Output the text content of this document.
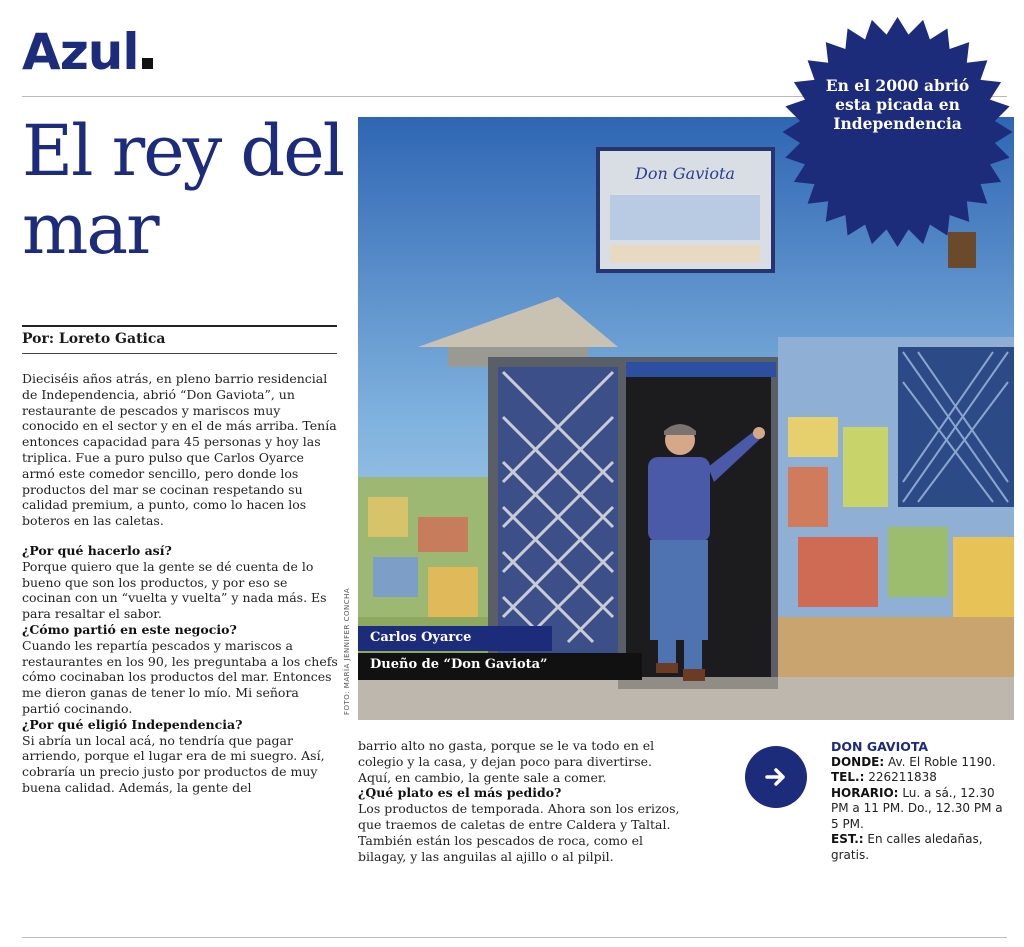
Azul
El rey del mar
Por: Loreto Gatica

Dieciséis años atrás, en pleno barrio residencial de Independencia, abrió “Don Gaviota”, un restaurante de pescados y mariscos muy conocido en el sector y en el de más arriba. Tenía entonces capacidad para 45 personas y hoy las triplica. Fue a puro pulso que Carlos Oyarce armó este comedor sencillo, pero donde los productos del mar se cocinan respetando su calidad premium, a punto, como lo hacen los boteros en las caletas.

¿Por qué hacerlo así?

Porque quiero que la gente se dé cuenta de lo bueno que son los productos, y por eso se cocinan con un “vuelta y vuelta” y nada más. Es para resaltar el sabor.

¿Cómo partió en este negocio?

Cuando les repartía pescados y mariscos a restaurantes en los 90, les preguntaba a los chefs cómo cocinaban los productos del mar. Entonces me dieron ganas de tener lo mío. Mi señora partió cocinando.

¿Por qué eligió Independencia?

Si abría un local acá, no tendría que pagar arriendo, porque el lugar era de mi suegro. Así, cobraría un precio justo por productos de muy buena calidad. Además, la gente del

barrio alto no gasta, porque se le va todo en el colegio y la casa, y dejan poco para divertirse. Aquí, en cambio, la gente sale a comer.

¿Qué plato es el más pedido?

Los productos de temporada. Ahora son los erizos, que traemos de caletas de entre Caldera y Taltal. También están los pescados de roca, como el bilagay, y las anguilas al ajillo o al pilpil.

Don Gaviota
FOTO: MARÍA JENNIFER CONCHA	Carlos Oyarce
Dueño de “Don Gaviota”
En el 2000 abrió esta picada en Independencia
DON GAVIOTA
DONDE: Av. El Roble 1190.
TEL.: 226211838
HORARIO: Lu. a sá., 12.30 PM a 11 PM. Do., 12.30 PM a 5 PM.
EST.: En calles aledañas, gratis.
